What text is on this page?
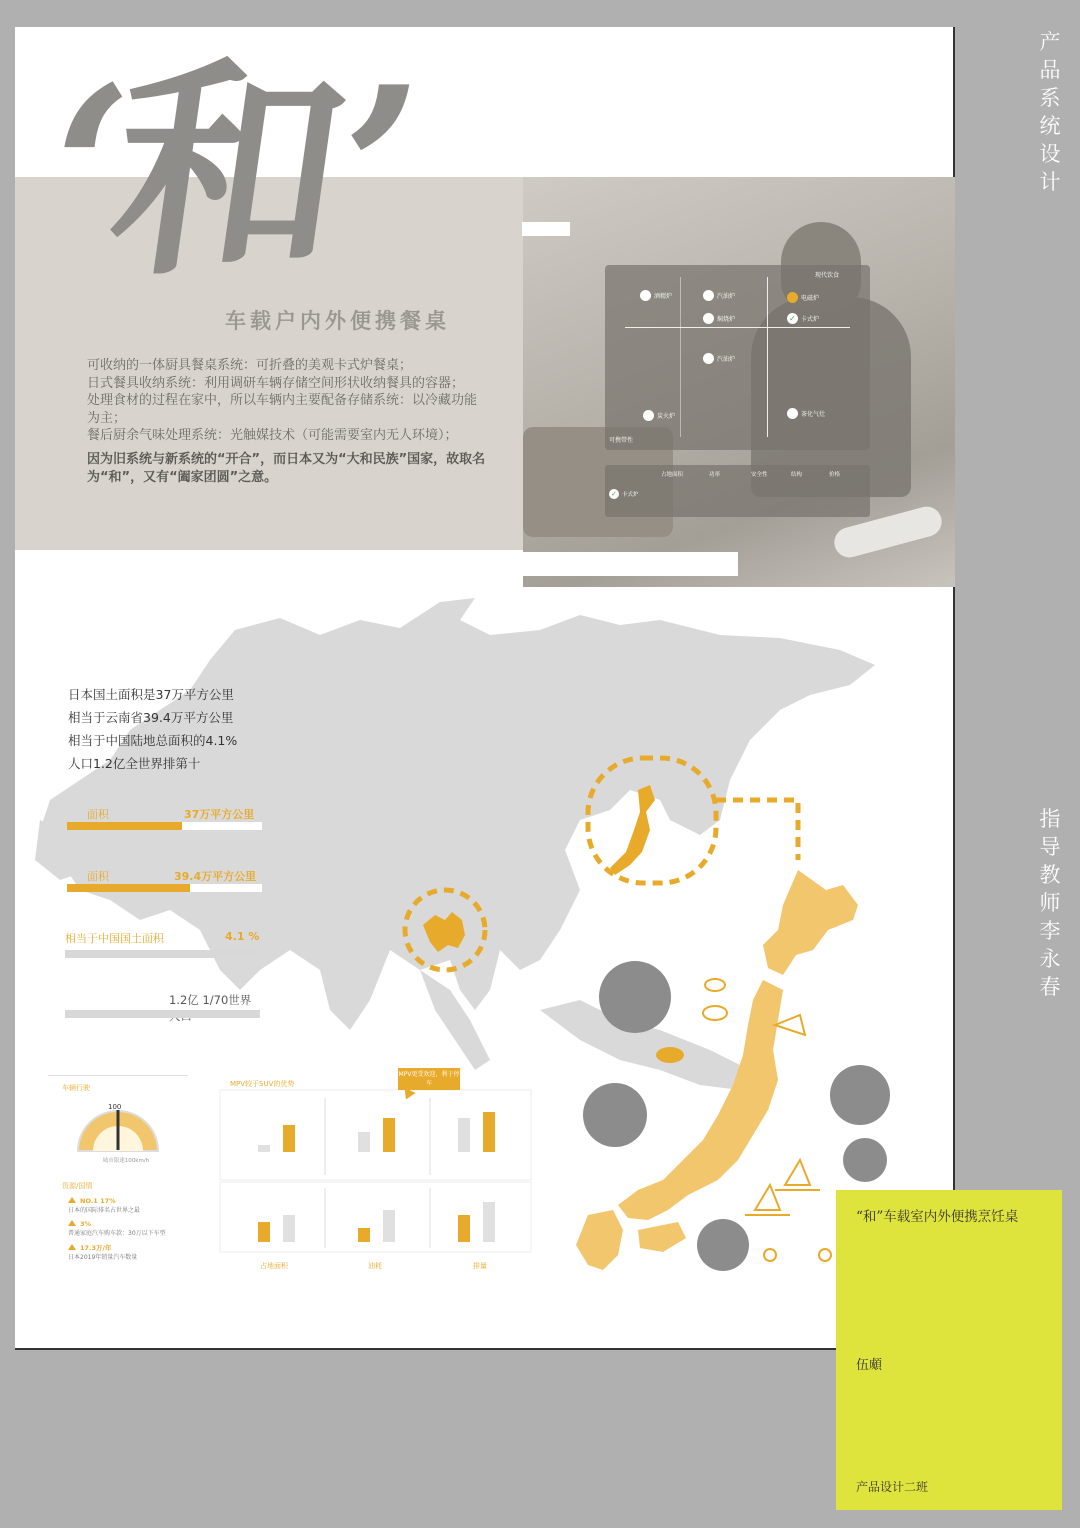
‘和’
车载户内外便携餐桌

可收纳的一体厨具餐桌系统：可折叠的美观卡式炉餐桌；

日式餐具收纳系统：利用调研车辆存储空间形状收纳餐具的容器；

处理食材的过程在家中，所以车辆内主要配备存储系统：以冷藏功能为主；

餐后厨余气味处理系统：光触媒技术（可能需要室内无人环境）；

因为旧系统与新系统的“开合”，而日本又为“大和民族”国家，故取名为“和”，又有“阖家团圆”之意。
现代饮食
可携带性
酒精炉	汽油炉	电磁炉
焖烧炉	✓ 卡式炉
汽油炉
炭火炉	茶化气灶
占地面积	功率	安全性	结构	价格
✓ 卡式炉
日本国土面积是37万平方公里
相当于云南省39.4万平方公里
相当于中国陆地总面积的4.1%
人口1.2亿全世界排第十
面积	37万平方公里
面积	39.4万平方公里
相当于中国国土面积	4.1 %
1.2亿 1/70世界
车辆行驶
100
城市限速100km/h
资源/国情
NO.1 17%
日本的国际排名占世界之最
3%
普通家庭汽车购车款：30万以下车型
17.3万/年
日本2019年销量汽车数量
MPV较于SUV的优势
占地面积	油耗	排量
MPV更受欢迎，利于停车
产品系统设计
指导教师李永春
“和”车载室内外便携烹饪桌
伍䫆
产品设计二班
